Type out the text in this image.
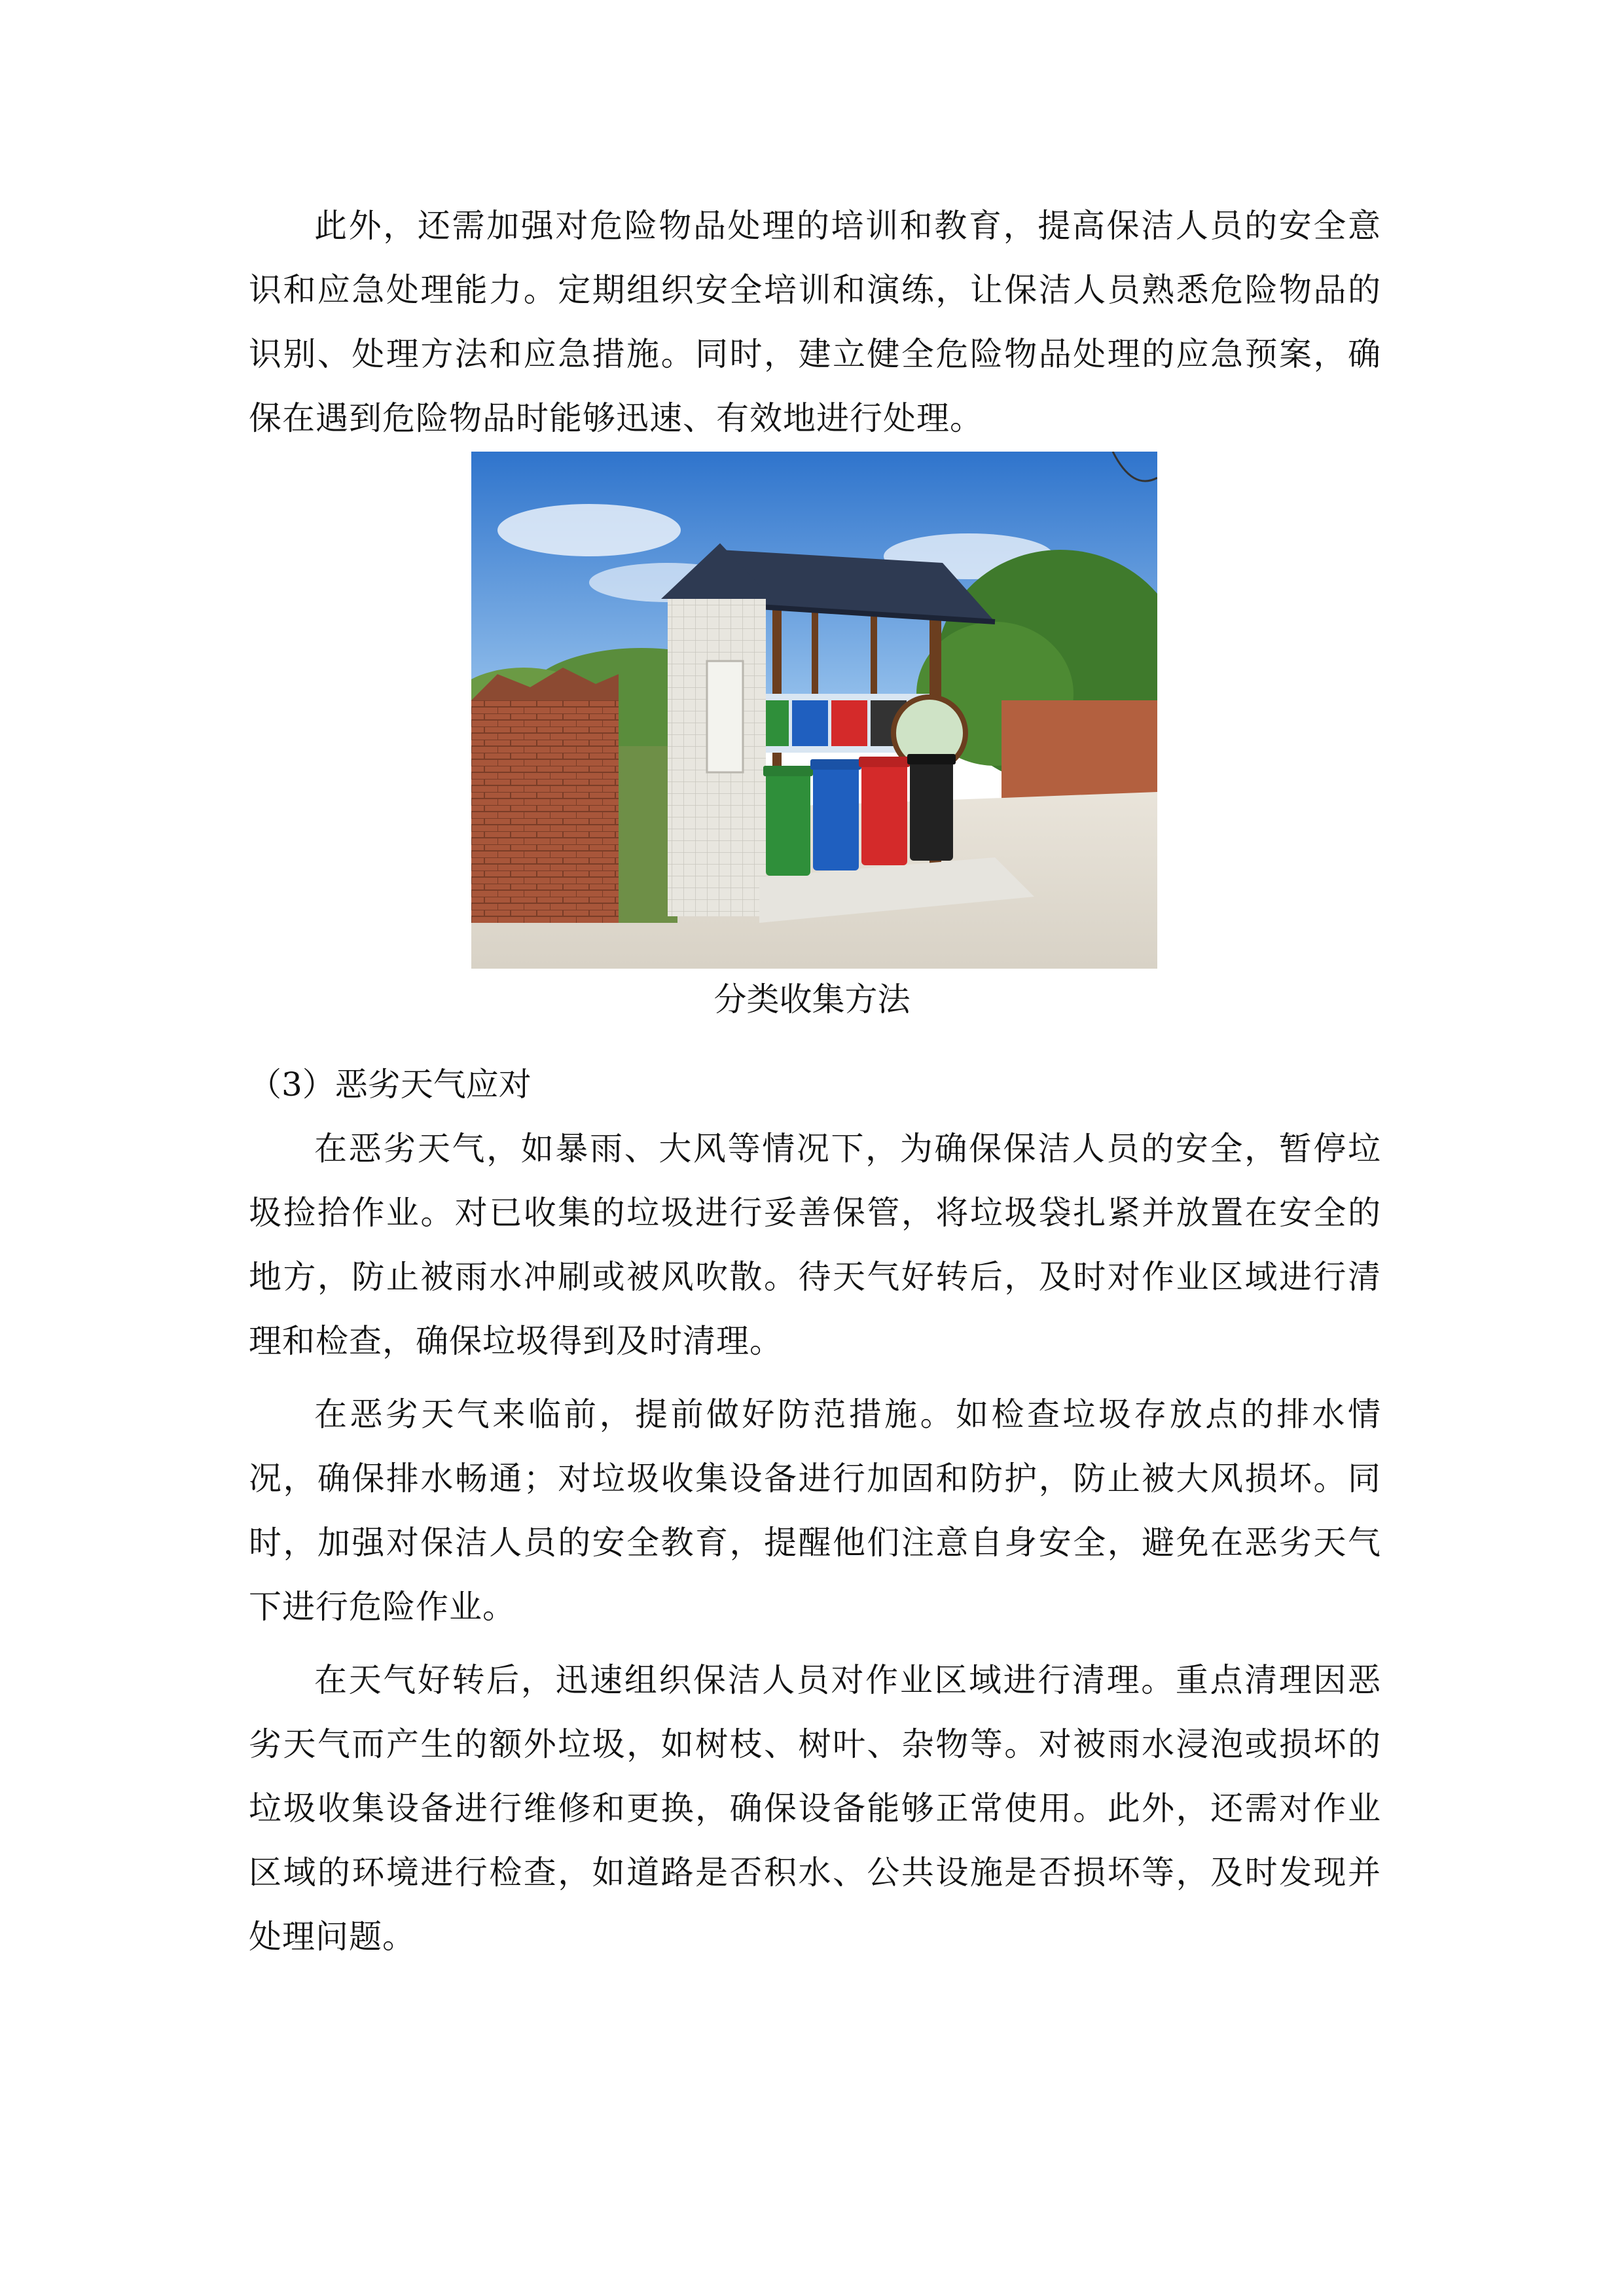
此外，还需加强对危险物品处理的培训和教育，提高保洁人员的安全意识和应急处理能力。定期组织安全培训和演练，让保洁人员熟悉危险物品的识别、处理方法和应急措施。同时，建立健全危险物品处理的应急预案，确保在遇到危险物品时能够迅速、有效地进行处理。

分类收集方法

（3）恶劣天气应对

在恶劣天气，如暴雨、大风等情况下，为确保保洁人员的安全，暂停垃圾捡拾作业。对已收集的垃圾进行妥善保管，将垃圾袋扎紧并放置在安全的地方，防止被雨水冲刷或被风吹散。待天气好转后，及时对作业区域进行清理和检查，确保垃圾得到及时清理。

在恶劣天气来临前，提前做好防范措施。如检查垃圾存放点的排水情况，确保排水畅通；对垃圾收集设备进行加固和防护，防止被大风损坏。同时，加强对保洁人员的安全教育，提醒他们注意自身安全，避免在恶劣天气下进行危险作业。

在天气好转后，迅速组织保洁人员对作业区域进行清理。重点清理因恶劣天气而产生的额外垃圾，如树枝、树叶、杂物等。对被雨水浸泡或损坏的垃圾收集设备进行维修和更换，确保设备能够正常使用。此外，还需对作业区域的环境进行检查，如道路是否积水、公共设施是否损坏等，及时发现并处理问题。
